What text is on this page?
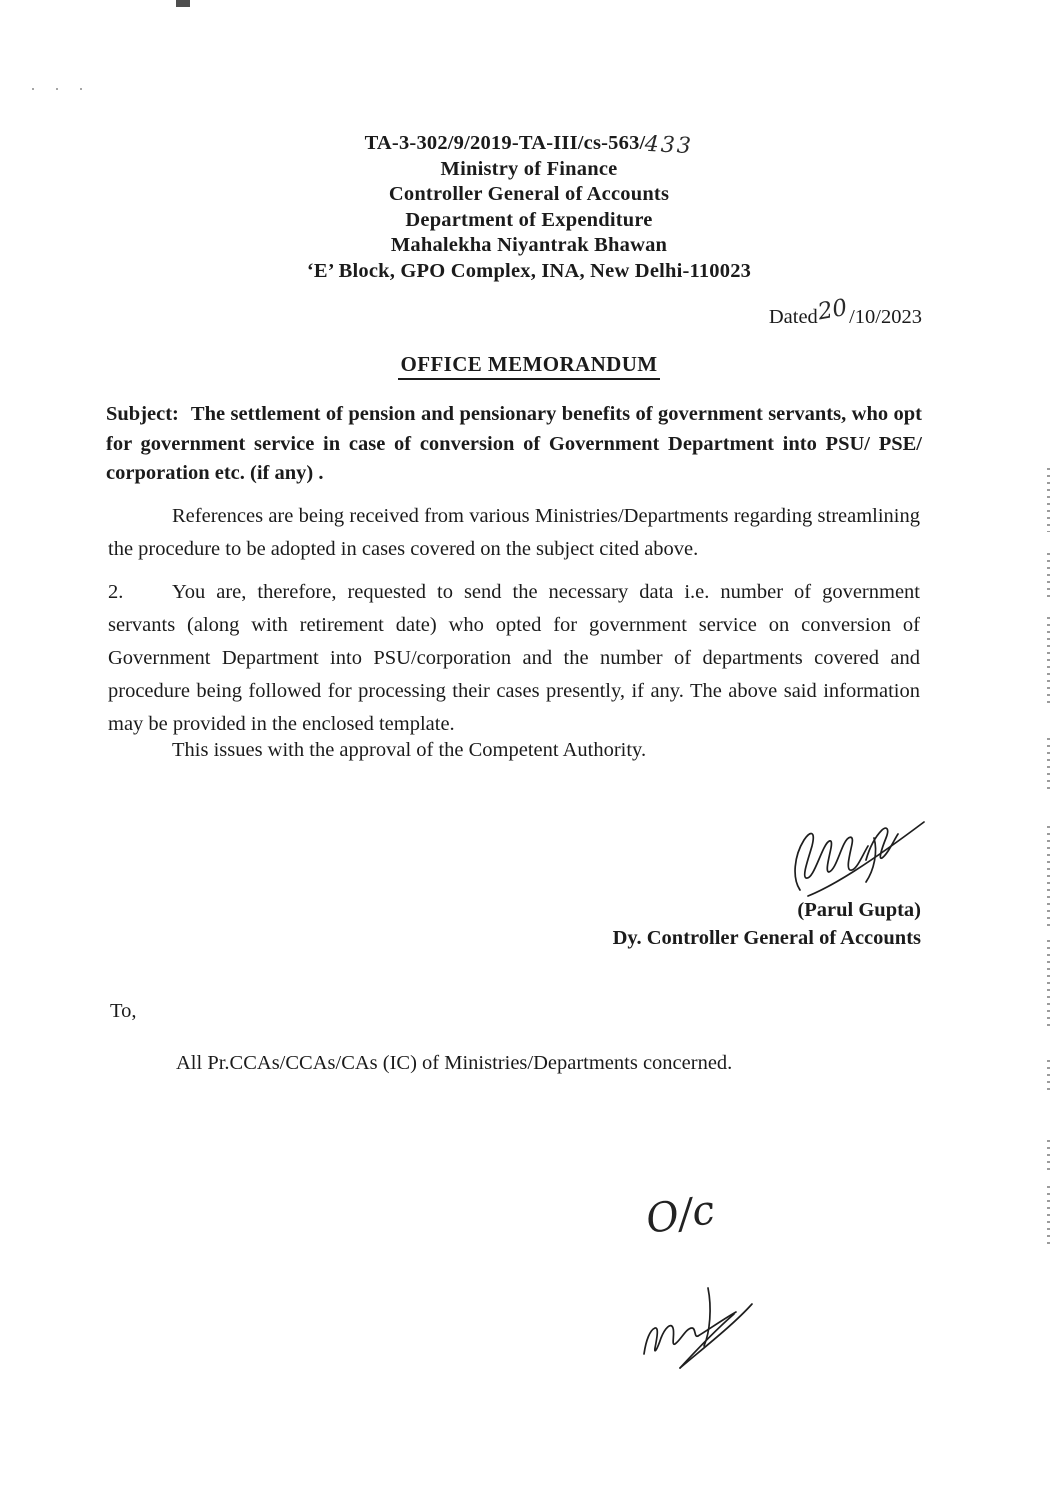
TA-3-302/9/2019-TA-III/cs-563/433
Ministry of Finance
Controller General of Accounts
Department of Expenditure
Mahalekha Niyantrak Bhawan
‘E’ Block, GPO Complex, INA, New Delhi-110023
Dated20/10/2023
OFFICE MEMORANDUM
Subject: The settlement of pension and pensionary benefits of government servants, who opt for government service in case of conversion of Government Department into PSU/ PSE/ corporation etc. (if any) .
References are being received from various Ministries/Departments regarding streamlining the procedure to be adopted in cases covered on the subject cited above.
2. You are, therefore, requested to send the necessary data i.e. number of government servants (along with retirement date) who opted for government service on conversion of Government Department into PSU/corporation and the number of departments covered and procedure being followed for processing their cases presently, if any. The above said information may be provided in the enclosed template.
This issues with the approval of the Competent Authority.
(Parul Gupta)
Dy. Controller General of Accounts
To,
All Pr.CCAs/CCAs/CAs (IC) of Ministries/Departments concerned.
O/c
